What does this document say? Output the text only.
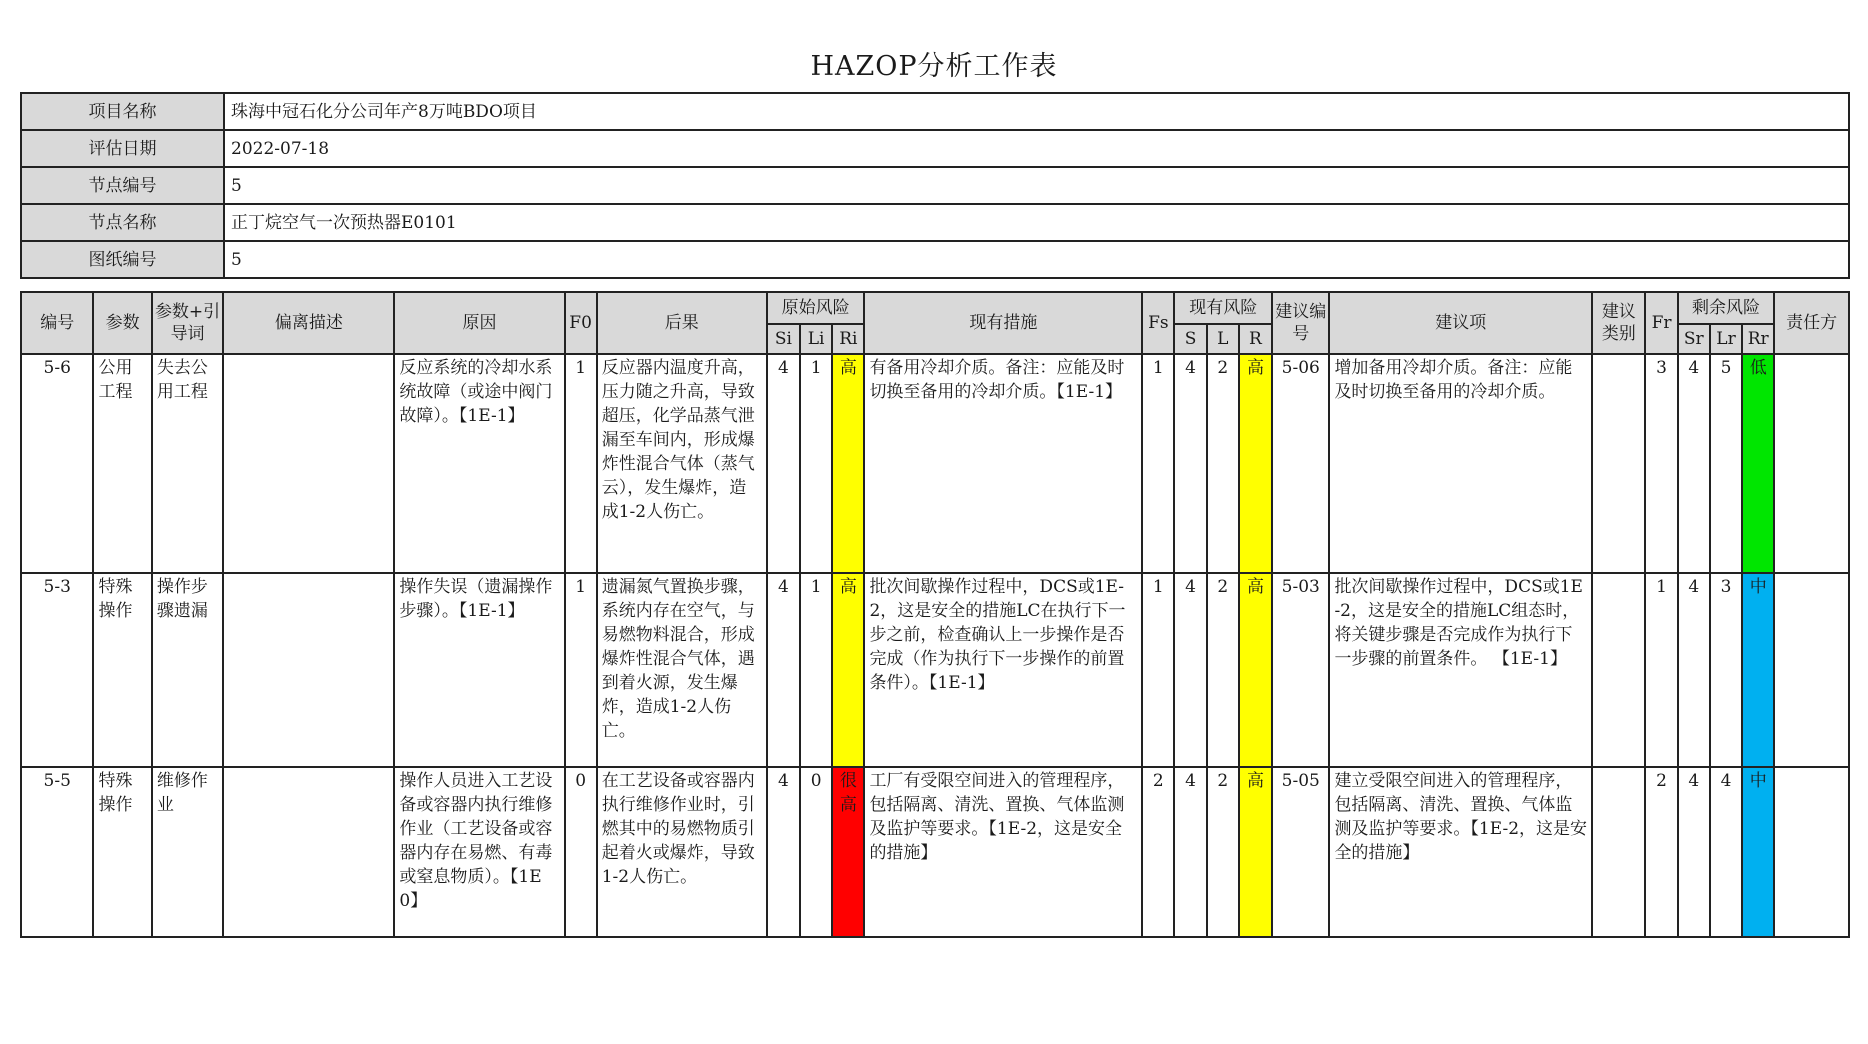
HAZOP分析工作表
项目名称	珠海中冠石化分公司年产8万吨BDO项目
评估日期	2022-07-18
节点编号	5
节点名称	正丁烷空气一次预热器E0101
图纸编号	5
编号	参数	参数+引导词	偏离描述	原因	F0	后果	原始风险			现有措施	Fs	现有风险			建议编号	建议项	建议类别	Fr	剩余风险			责任方
							Si	Li	Ri			S	L	R					Sr	Lr	Rr	
5-6	公用工程	失去公用工程		反应系统的冷却水系统故障（或途中阀门故障）。【1E-1】	1	反应器内温度升高，压力随之升高，导致超压，化学品蒸气泄漏至车间内，形成爆炸性混合气体（蒸气云），发生爆炸，造成1-2人伤亡。	4	1	高	有备用冷却介质。备注：应能及时切换至备用的冷却介质。【1E-1】	1	4	2	高	5-06	增加备用冷却介质。备注：应能及时切换至备用的冷却介质。		3	4	5	低	
5-3	特殊操作	操作步骤遗漏		操作失误（遗漏操作步骤）。【1E-1】	1	遗漏氮气置换步骤，系统内存在空气，与易燃物料混合，形成爆炸性混合气体，遇到着火源，发生爆炸，造成1-2人伤亡。	4	1	高	批次间歇操作过程中，DCS或1E-2，这是安全的措施LC在执行下一步之前，检查确认上一步操作是否完成（作为执行下一步操作的前置条件）。【1E-1】	1	4	2	高	5-03	批次间歇操作过程中，DCS或1E-2，这是安全的措施LC组态时，将关键步骤是否完成作为执行下一步骤的前置条件。 【1E-1】		1	4	3	中	
5-5	特殊操作	维修作业		操作人员进入工艺设备或容器内执行维修作业（工艺设备或容器内存在易燃、有毒或窒息物质）。【1E0】	0	在工艺设备或容器内执行维修作业时，引燃其中的易燃物质引起着火或爆炸，导致1-2人伤亡。	4	0	很高	工厂有受限空间进入的管理程序，包括隔离、清洗、置换、气体监测及监护等要求。【1E-2，这是安全的措施】	2	4	2	高	5-05	建立受限空间进入的管理程序，包括隔离、清洗、置换、气体监测及监护等要求。【1E-2，这是安全的措施】		2	4	4	中	
